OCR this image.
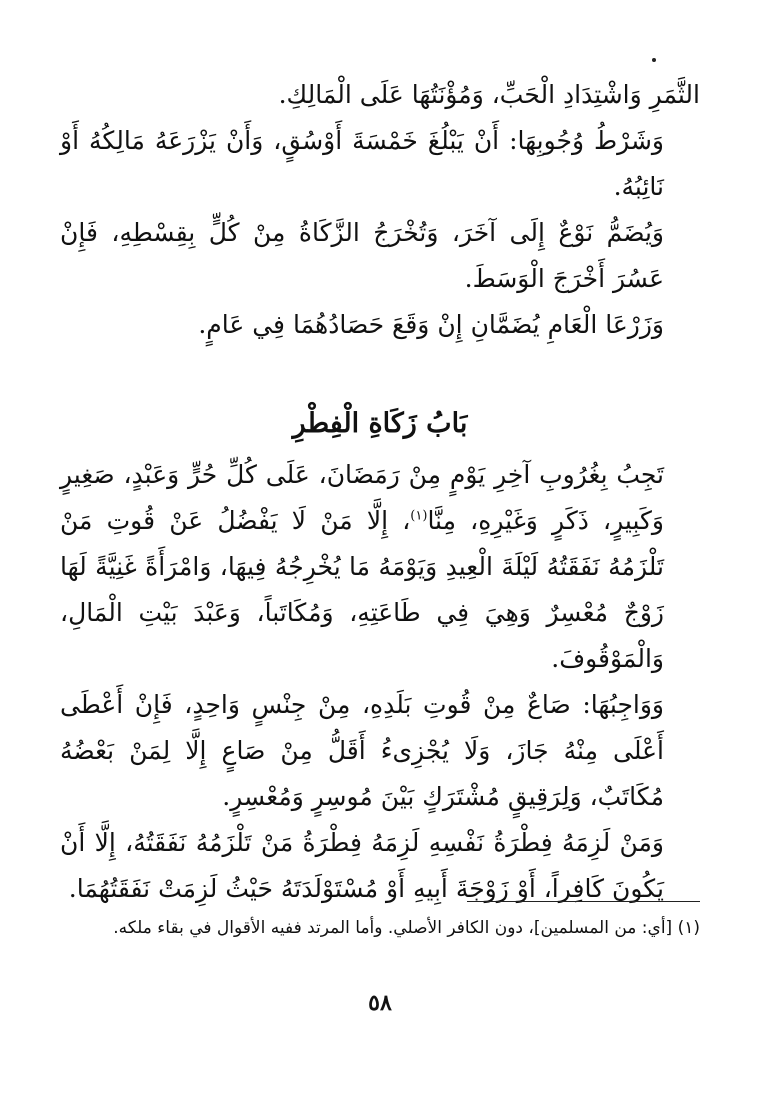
الثَّمَرِ وَاشْتِدَادِ الْحَبِّ، وَمُؤْنَتُهَا عَلَى الْمَالِكِ.

وَشَرْطُ وُجُوبِهَا: أَنْ يَبْلُغَ خَمْسَةَ أَوْسُقٍ، وَأَنْ يَزْرَعَهُ مَالِكُهُ أَوْ نَائِبُهُ.

وَيُضَمُّ نَوْعٌ إِلَى آخَرَ، وَتُخْرَجُ الزَّكَاةُ مِنْ كُلٍّ بِقِسْطِهِ، فَإِنْ عَسُرَ أَخْرَجَ الْوَسَطَ.

وَزَرْعَا الْعَامِ يُضَمَّانِ إِنْ وَقَعَ حَصَادُهُمَا فِي عَامٍ.

بَابُ زَكَاةِ الْفِطْرِ

تَجِبُ بِغُرُوبِ آخِرِ يَوْمٍ مِنْ رَمَضَانَ، عَلَى كُلِّ حُرٍّ وَعَبْدٍ، صَغِيرٍ وَكَبِيرٍ، ذَكَرٍ وَغَيْرِهِ، مِنَّا$^{(١)}$، إِلَّا مَنْ لَا يَفْضُلُ عَنْ قُوتِ مَنْ تَلْزَمُهُ نَفَقَتُهُ لَيْلَةَ الْعِيدِ وَيَوْمَهُ مَا يُخْرِجُهُ فِيهَا، وَامْرَأَةً غَنِيَّةً لَهَا زَوْجٌ مُعْسِرٌ وَهِيَ فِي طَاعَتِهِ، وَمُكَاتَباً، وَعَبْدَ بَيْتِ الْمَالِ، وَالْمَوْقُوفَ.

وَوَاجِبُهَا: صَاعٌ مِنْ قُوتِ بَلَدِهِ، مِنْ جِنْسٍ وَاحِدٍ، فَإِنْ أَعْطَى أَعْلَى مِنْهُ جَازَ، وَلَا يُجْزِىءُ أَقَلُّ مِنْ صَاعٍ إِلَّا لِمَنْ بَعْضُهُ مُكَاتَبٌ، وَلِرَقِيقٍ مُشْتَرَكٍ بَيْنَ مُوسِرٍ وَمُعْسِرٍ.

وَمَنْ لَزِمَهُ فِطْرَةُ نَفْسِهِ لَزِمَهُ فِطْرَةُ مَنْ تَلْزَمُهُ نَفَقَتُهُ، إِلَّا أَنْ يَكُونَ كَافِراً، أَوْ زَوْجَةَ أَبِيهِ أَوْ مُسْتَوْلَدَتَهُ حَيْثُ لَزِمَتْ نَفَقَتُهُمَا.

(١) [أي: من المسلمين]، دون الكافر الأصلي. وأما المرتد ففيه الأقوال في بقاء ملكه.
٥٨
